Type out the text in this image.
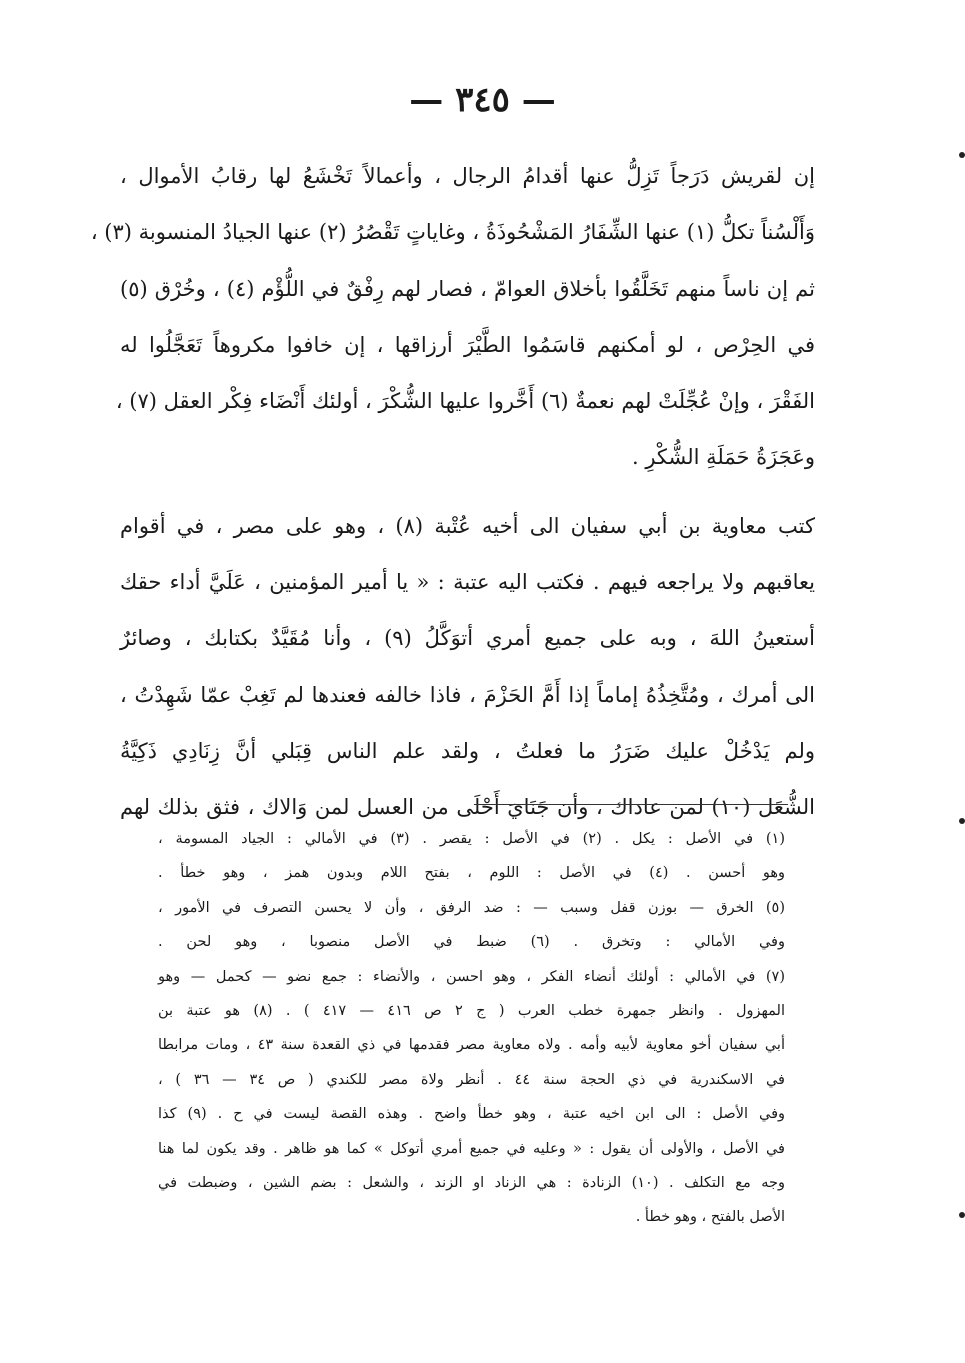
— ٣٤٥ —
إن لقريش دَرَجاً تَزِلُّ عنها أقدامُ الرجال ، وأعمالاً تَخْشَعُ لها رقابُ الأموال ،
وَأَلْسُناً تكلُّ (١) عنها الشِّفَارُ المَشْحُوذَةُ ، وغاياتٍ تَقْصُرُ (٢) عنها الجيادُ المنسوبة (٣) ،
ثم إن ناساً منهم تَخَلَّقُوا بأخلاق العوامّ ، فصار لهم رِفْقٌ في اللُّؤْم (٤) ، وخُرْق (٥)
في الحِرْص ، لو أمكنهم قاسَمُوا الطَّيْرَ أرزاقها ، إن خافوا مكروهاً تَعَجَّلُوا له
الفَقْرَ ، وإنْ عُجِّلَتْ لهم نعمةٌ (٦) أَخَّروا عليها الشُّكْرَ ، أولئك أَنْضَاء فِكْر العقل (٧) ،
وعَجَزَةُ حَمَلَةِ الشُّكْرِ .
كتب معاوية بن أبي سفيان الى أخيه عُتْبة (٨) ، وهو على مصر ، في أقوام
يعاقبهم ولا يراجعه فيهم . فكتب اليه عتبة : « يا أمير المؤمنين ، عَلَيَّ أداء حقك
أستعينُ اللهَ ، وبه على جميع أمري أتوَكَّلُ (٩) ، وأنا مُقَيَّدٌ بكتابك ، وصائرٌ
الى أمرك ، ومُتَّخِذُهُ إماماً إذا أَمَّ الحَزْمَ ، فاذا خالفه فعندها لم تَغِبْ عمّا شَهِدْتُ ،
ولم يَدْخُلْ عليك ضَرَرُ ما فعلتُ ، ولقد علم الناس قِبَلي أنَّ زِنَادِي ذَكِيَّةُ
الشُّعَل (١٠) لمن عاداك ، وأن جَنَايَ أَحْلَى من العسل لمن وَالاك ، فثق بذلك لهم
(١) في الأصل : يكل . (٢) في الأصل : يقصر . (٣) في الأمالي : الجياد المسومة ،
وهو أحسن . (٤) في الأصل : اللوم ، بفتح اللام وبدون همز ، وهو خطأ .
(٥) الخرق — بوزن قفل وسبب — : ضد الرفق ، وأن لا يحسن التصرف في الأمور ،
وفي الأمالي : وتخرق . (٦) ضبط في الأصل منصوبا ، وهو لحن .
(٧) في الأمالي : أولئك أنضاء الفكر ، وهو احسن ، والأنضاء : جمع نضو — كحمل — وهو
المهزول . وانظر جمهرة خطب العرب ( ج ٢ ص ٤١٦ — ٤١٧ ) . (٨) هو عتبة بن
أبي سفيان أخو معاوية لأبيه وأمه . ولاه معاوية مصر فقدمها في ذي القعدة سنة ٤٣ ، ومات مرابطا
في الاسكندرية في ذي الحجة سنة ٤٤ . أنظر ولاة مصر للكندي ( ص ٣٤ — ٣٦ ) ،
وفي الأصل : الى ابن اخيه عتبة ، وهو خطأ واضح . وهذه القصة ليست في ح . (٩) كذا
في الأصل ، والأولى أن يقول : « وعليه في جميع أمري أتوكل » كما هو ظاهر . وقد يكون لما هنا
وجه مع التكلف . (١٠) الزنادة : هي الزناد او الزند ، والشعل : بضم الشين ، وضبطت في
الأصل بالفتح ، وهو خطأ .
